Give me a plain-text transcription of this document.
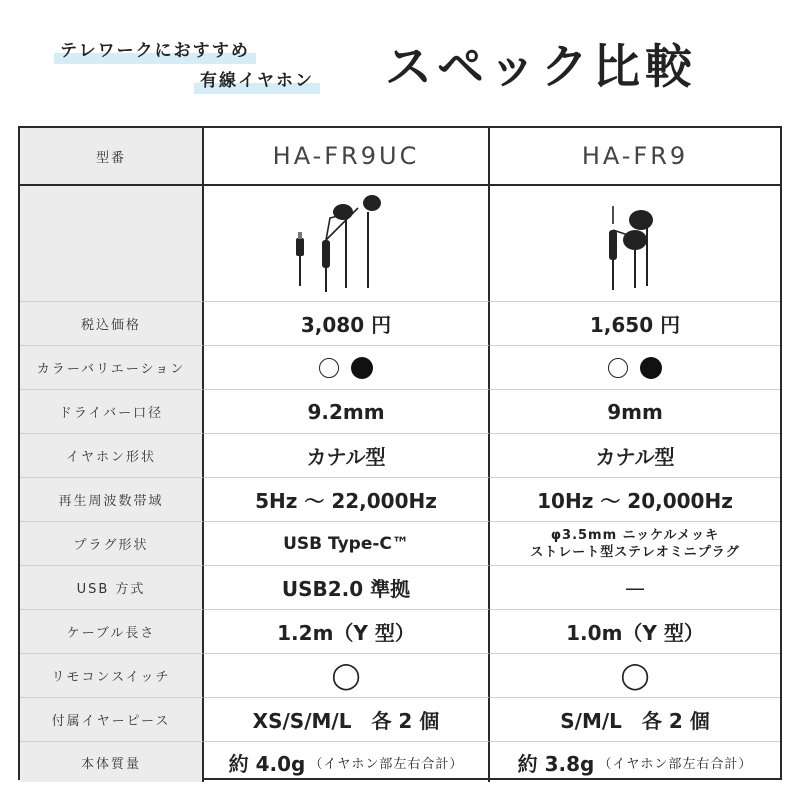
テレワークにおすすめ
有線イヤホン スペック比較
型番	HA-FR9UC	HA-FR9
税込価格	3,080 円	1,650 円
カラーバリエーション
ドライバー口径	9.2mm	9mm
イヤホン形状	カナル型	カナル型
再生周波数帯域	5Hz 〜 22,000Hz	10Hz 〜 20,000Hz
プラグ形状	USB Type-C™	φ3.5mm ニッケルメッキ
ストレート型ステレオミニプラグ
USB 方式	USB2.0 準拠	—
ケーブル長さ	1.2m（Y 型）	1.0m（Y 型）
リモコンスイッチ	◯	◯
付属イヤーピース	XS/S/M/L　各 2 個	S/M/L　各 2 個
本体質量	約 4.0g （イヤホン部左右合計）	約 3.8g （イヤホン部左右合計）
